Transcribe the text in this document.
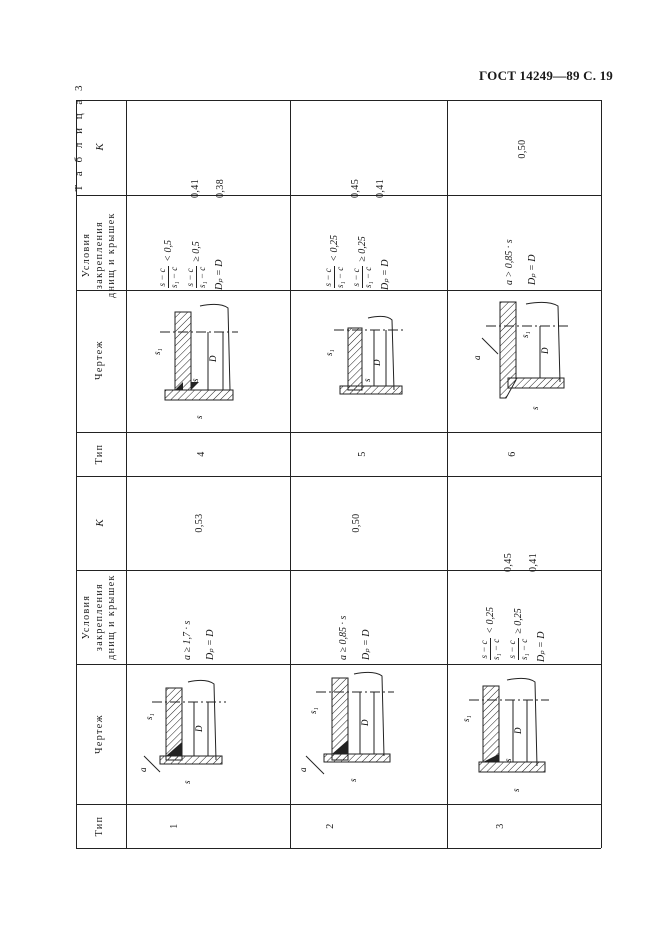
ГОСТ 14249—89 С. 19
Т а б л и ц а 3 K
Условия закрепления днищ и крышек
Чертеж
Тип
K
Условия закрепления днищ и крышек
Чертеж
Тип
0,41 0,38
s − c s₁ − c
< 0,5
s − c s₁ − c
≥ 0,5
Dₚ = D
4
0,45 0,41
s − c s₁ − c
< 0,25
s − c s₁ − c
≥ 0,25
Dₚ = D
5
0,50
a > 0,85 · s Dₚ = D
6
0,53
a ≥ 1,7 · s Dₚ = D
1
0,50
a ≥ 0,85 · s Dₚ = D
2
0,45 0,41
s − c s₁ − c
< 0,25
s − c s₁ − c
≥ 0,25
Dₚ = D
3
s₁
D
s
s
s₁
D
s
a
s₁
D
s
a
s₁
D
s
a
s₁
D
s
s₁
D
s
s
